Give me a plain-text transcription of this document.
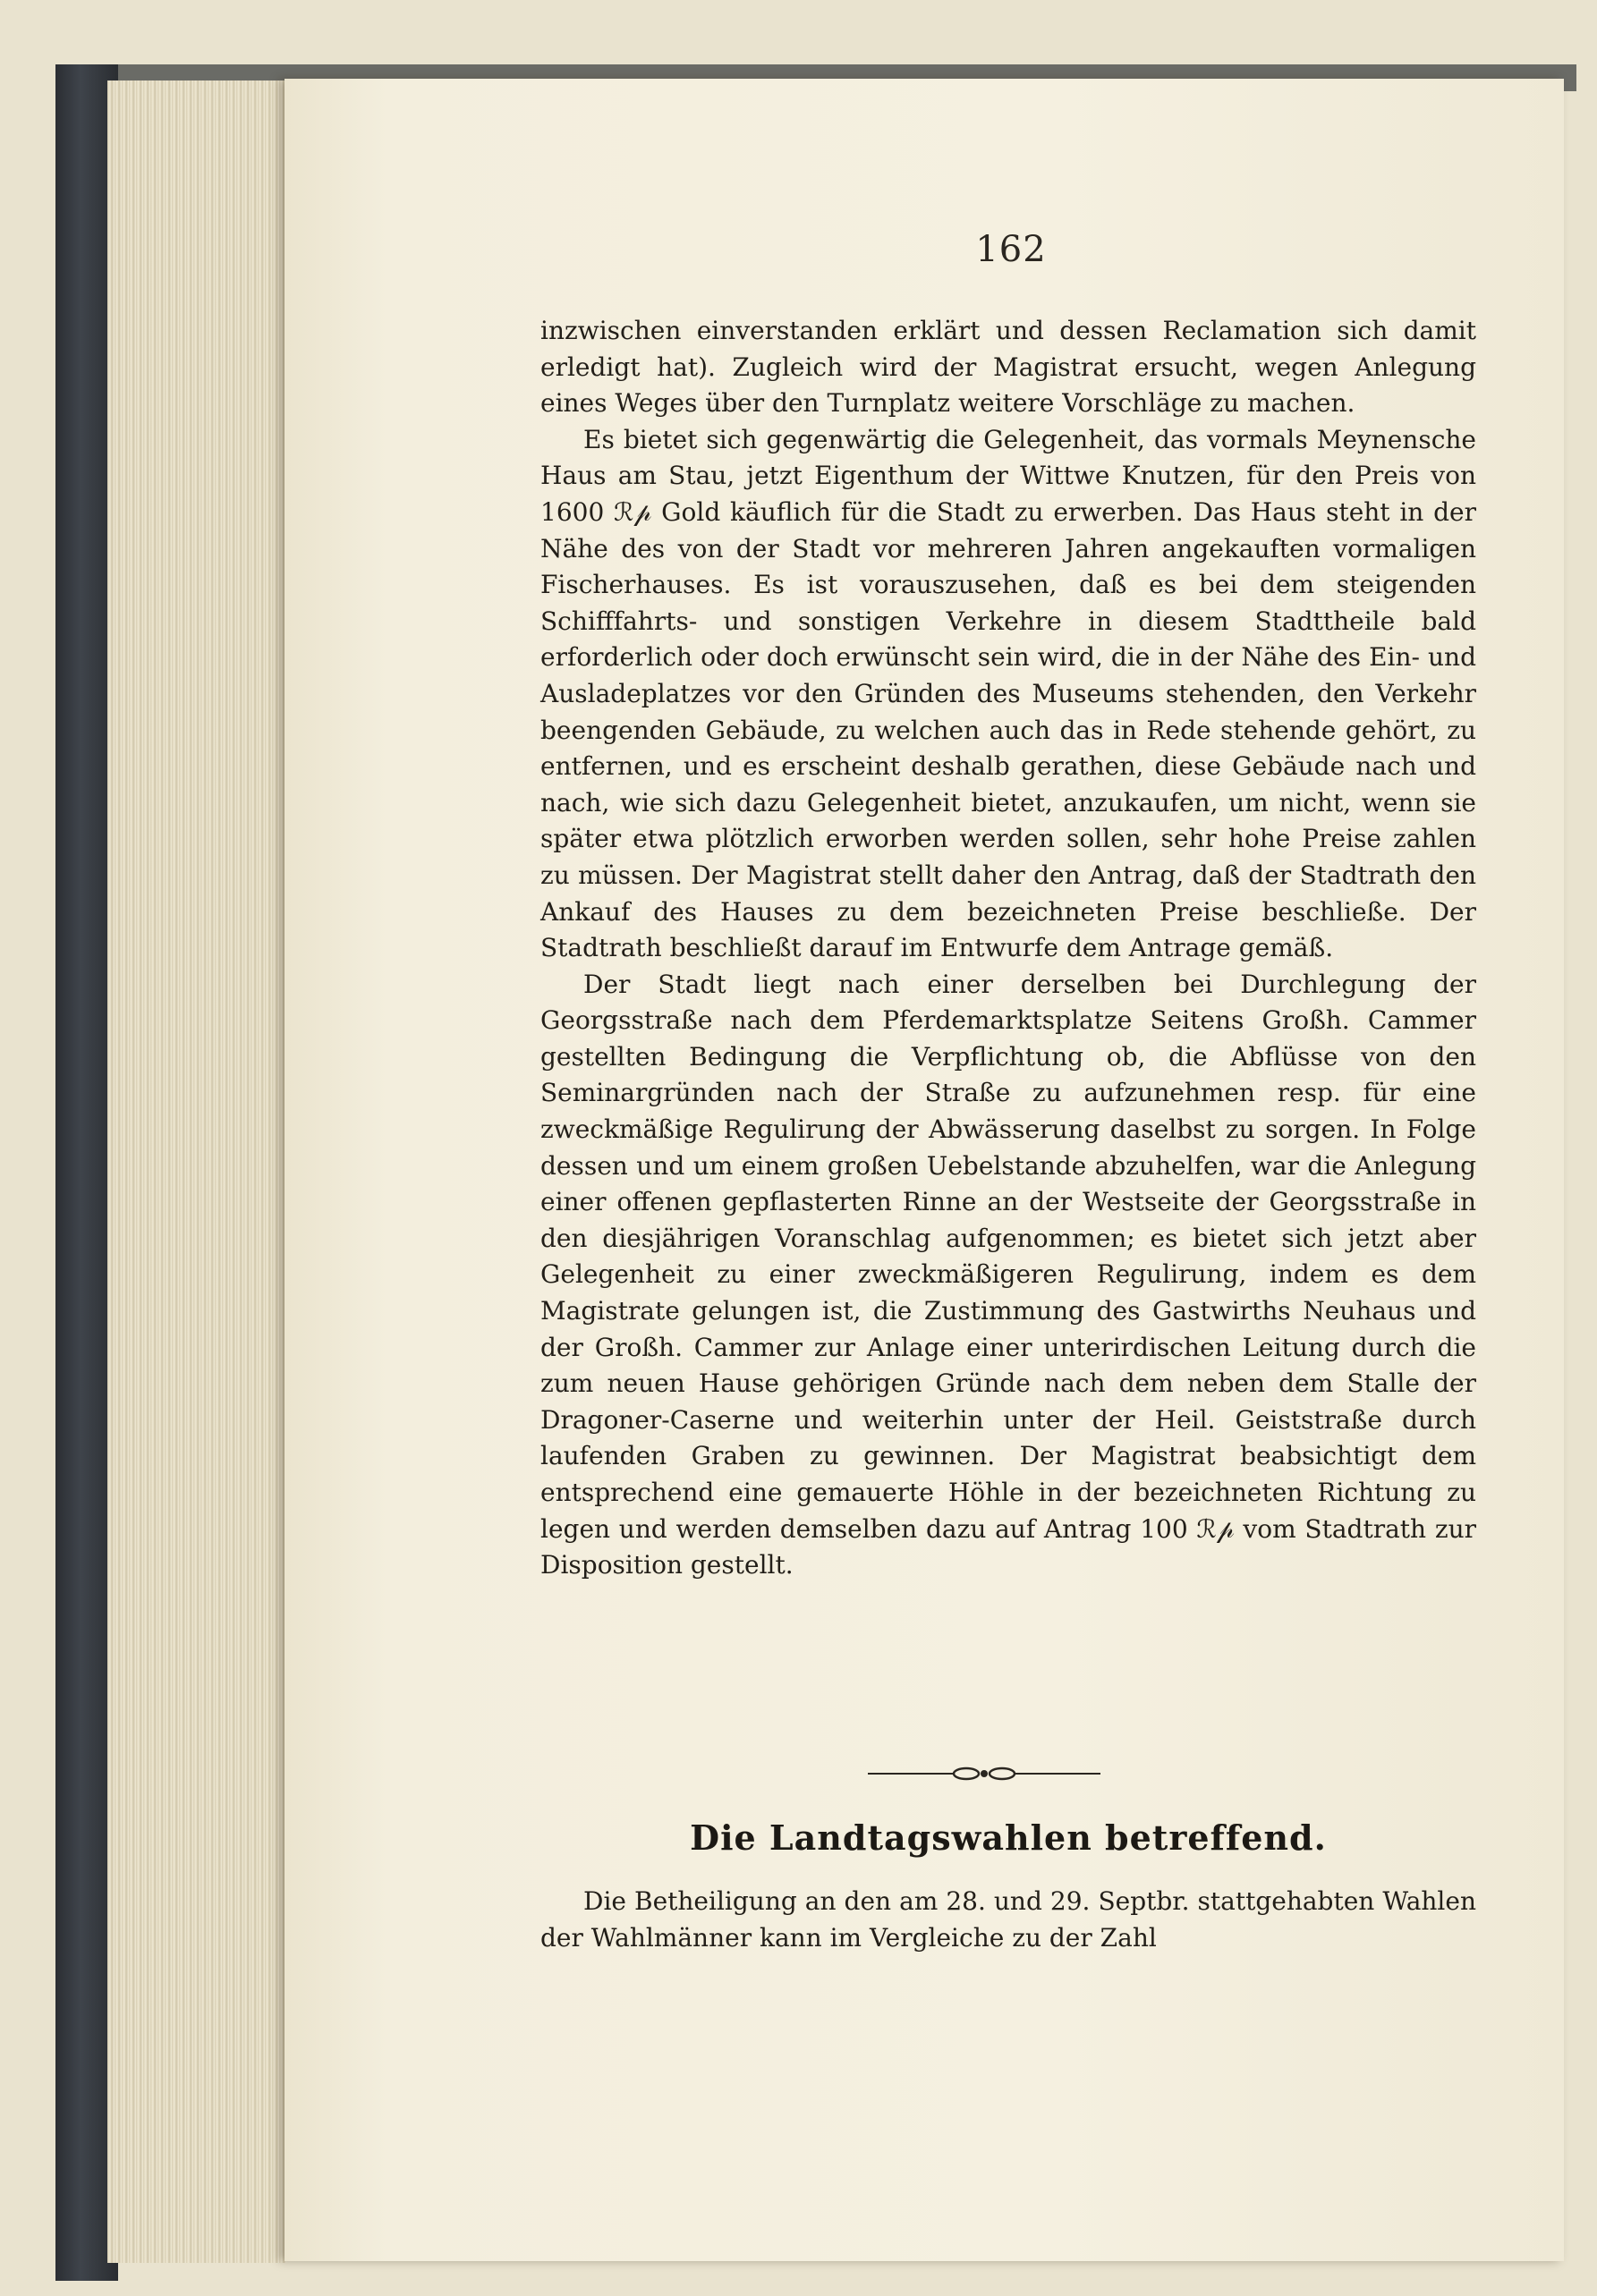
162

inzwischen einverstanden erklärt und dessen Reclamation sich damit erledigt hat). Zugleich wird der Magistrat ersucht, wegen Anlegung eines Weges über den Turnplatz weitere Vorschläge zu machen.

Es bietet sich gegenwärtig die Gelegenheit, das vormals Meynensche Haus am Stau, jetzt Eigenthum der Wittwe Knutzen, für den Preis von 1600 ℛ𝓅 Gold käuflich für die Stadt zu erwerben. Das Haus steht in der Nähe des von der Stadt vor mehreren Jahren angekauften vormaligen Fischerhauses. Es ist vorauszusehen, daß es bei dem steigenden Schifffahrts- und sonstigen Verkehre in diesem Stadttheile bald erforderlich oder doch erwünscht sein wird, die in der Nähe des Ein- und Ausladeplatzes vor den Gründen des Museums stehenden, den Verkehr beengenden Gebäude, zu welchen auch das in Rede stehende gehört, zu entfernen, und es erscheint deshalb gerathen, diese Gebäude nach und nach, wie sich dazu Gelegenheit bietet, anzukaufen, um nicht, wenn sie später etwa plötzlich erworben werden sollen, sehr hohe Preise zahlen zu müssen. Der Magistrat stellt daher den Antrag, daß der Stadtrath den Ankauf des Hauses zu dem bezeichneten Preise beschließe. Der Stadtrath beschließt darauf im Entwurfe dem Antrage gemäß.

Der Stadt liegt nach einer derselben bei Durchlegung der Georgsstraße nach dem Pferdemarktsplatze Seitens Großh. Cammer gestellten Bedingung die Verpflichtung ob, die Abflüsse von den Seminargründen nach der Straße zu aufzunehmen resp. für eine zweckmäßige Regulirung der Abwässerung daselbst zu sorgen. In Folge dessen und um einem großen Uebelstande abzuhelfen, war die Anlegung einer offenen gepflasterten Rinne an der Westseite der Georgsstraße in den diesjährigen Voranschlag aufgenommen; es bietet sich jetzt aber Gelegenheit zu einer zweckmäßigeren Regulirung, indem es dem Magistrate gelungen ist, die Zustimmung des Gastwirths Neuhaus und der Großh. Cammer zur Anlage einer unterirdischen Leitung durch die zum neuen Hause gehörigen Gründe nach dem neben dem Stalle der Dragoner-Caserne und weiterhin unter der Heil. Geiststraße durch laufenden Graben zu gewinnen. Der Magistrat beabsichtigt dem entsprechend eine gemauerte Höhle in der bezeichneten Richtung zu legen und werden demselben dazu auf Antrag 100 ℛ𝓅 vom Stadtrath zur Disposition gestellt.

Die Landtagswahlen betreffend.

Die Betheiligung an den am 28. und 29. Septbr. stattgehabten Wahlen der Wahlmänner kann im Vergleiche zu der Zahl
